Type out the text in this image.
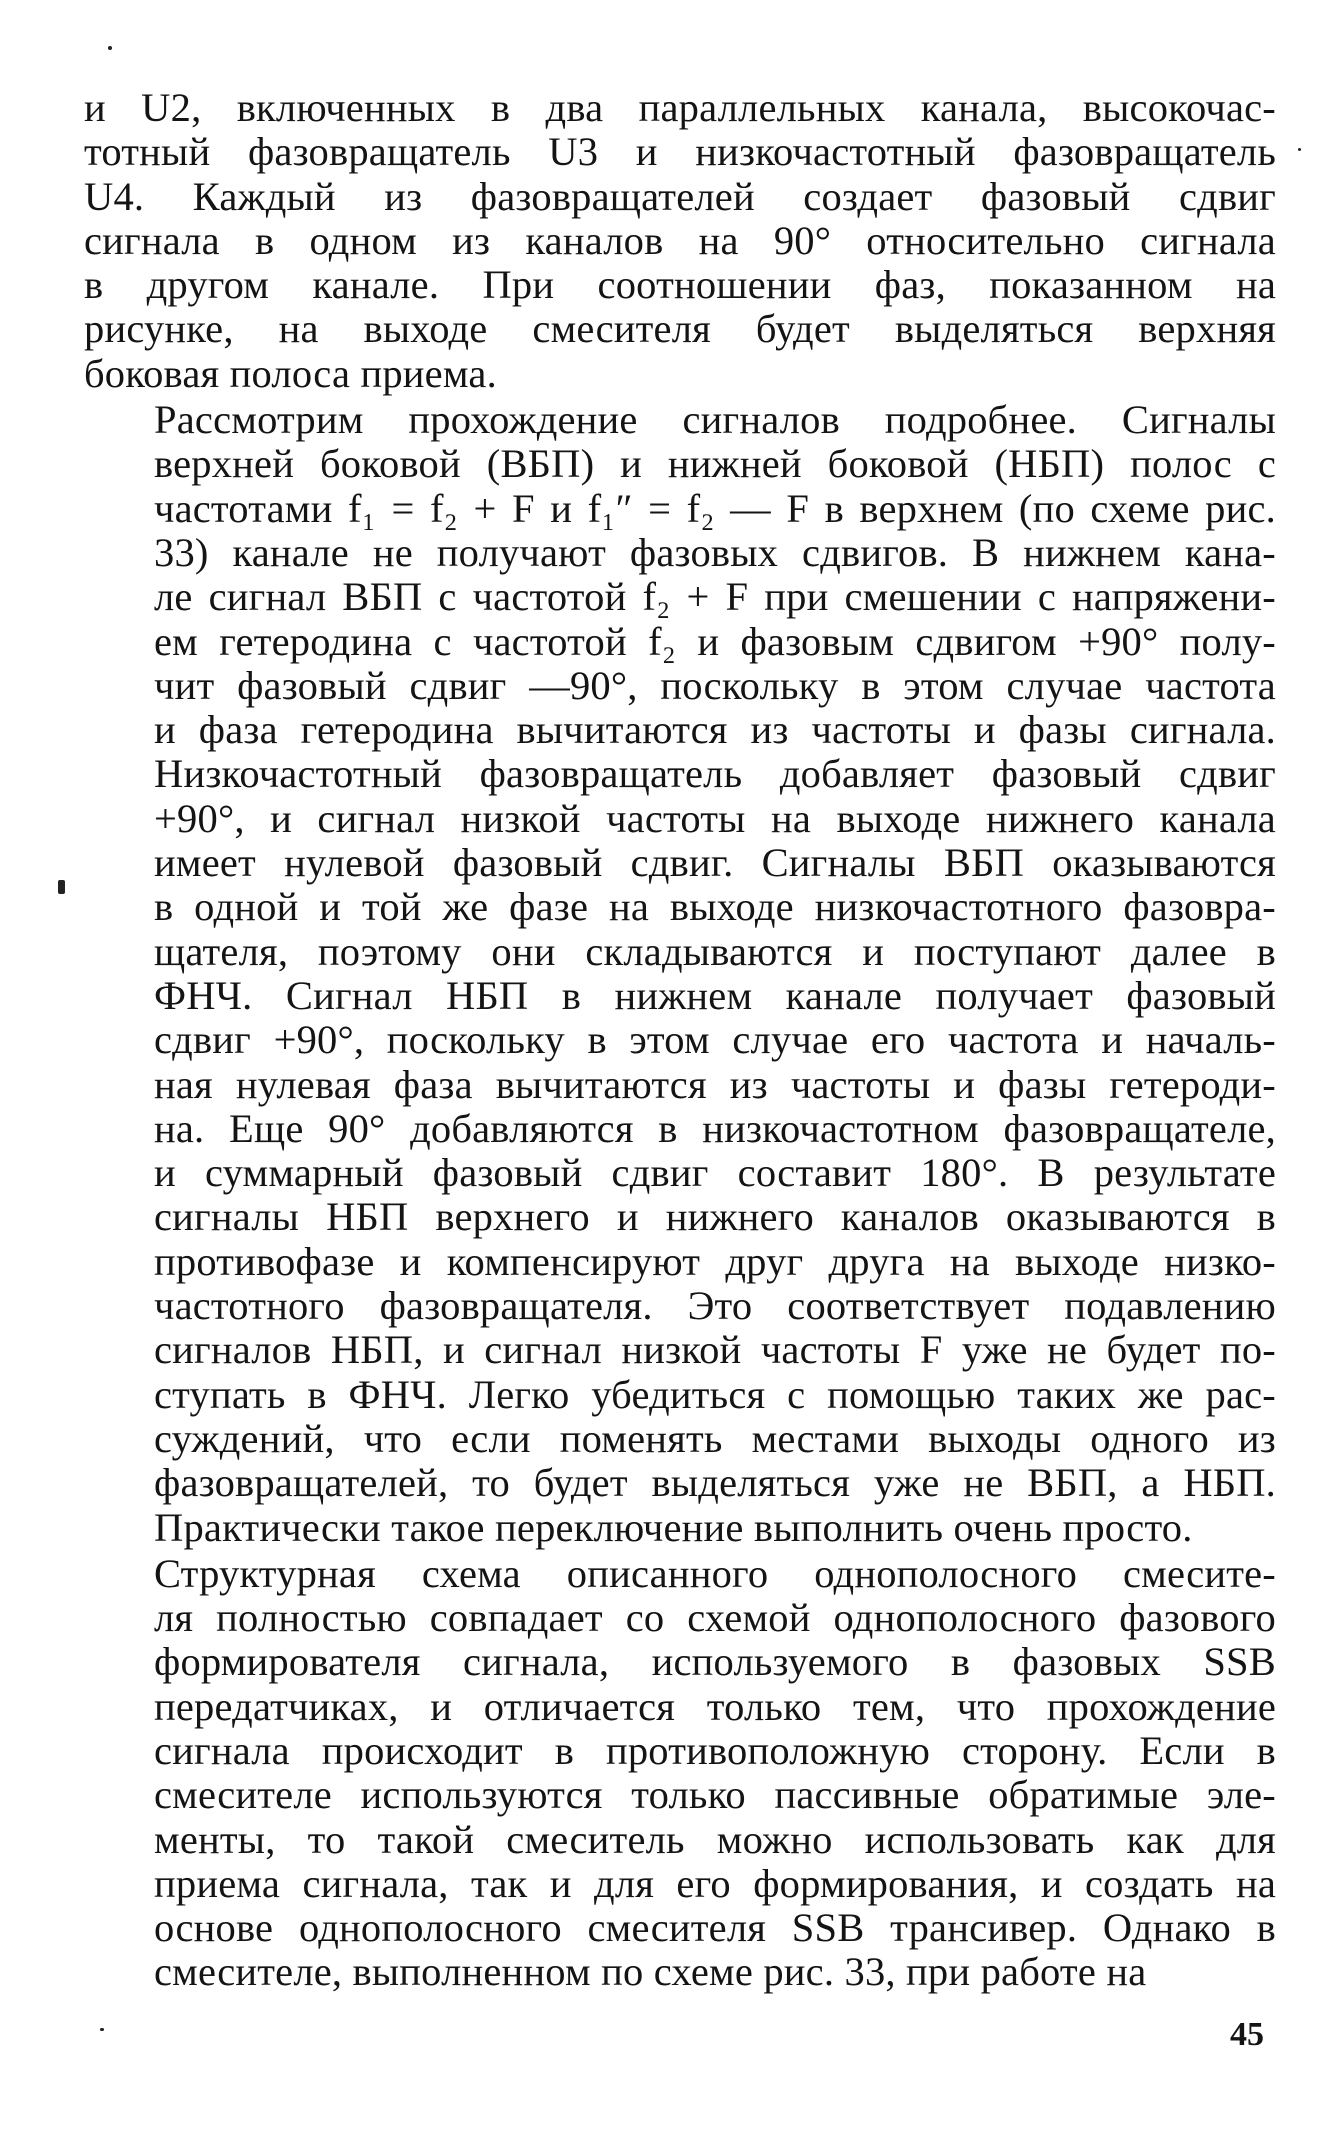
и U2, включенных в два параллельных канала, высокочас-
тотный фазовращатель U3 и низкочастотный фазовращатель
U4. Каждый из фазовращателей создает фазовый сдвиг
сигнала в одном из каналов на 90° относительно сигнала
в другом канале. При соотношении фаз, показанном на
рисунке, на выходе смесителя будет выделяться верхняя
боковая полоса приема.

Рассмотрим прохождение сигналов подробнее. Сигналы
верхней боковой (ВБП) и нижней боковой (НБП) полос с
частотами f₁ = f₂ + F и f₁″ = f₂ — F в верхнем (по схеме рис.
33) канале не получают фазовых сдвигов. В нижнем кана-
ле сигнал ВБП с частотой f₂ + F при смешении с напряжени-
ем гетеродина с частотой f₂ и фазовым сдвигом +90° полу-
чит фазовый сдвиг —90°, поскольку в этом случае частота
и фаза гетеродина вычитаются из частоты и фазы сигнала.
Низкочастотный фазовращатель добавляет фазовый сдвиг
+90°, и сигнал низкой частоты на выходе нижнего канала
имеет нулевой фазовый сдвиг. Сигналы ВБП оказываются
в одной и той же фазе на выходе низкочастотного фазовра-
щателя, поэтому они складываются и поступают далее в
ФНЧ. Сигнал НБП в нижнем канале получает фазовый
сдвиг +90°, поскольку в этом случае его частота и началь-
ная нулевая фаза вычитаются из частоты и фазы гетероди-
на. Еще 90° добавляются в низкочастотном фазовращателе,
и суммарный фазовый сдвиг составит 180°. В результате
сигналы НБП верхнего и нижнего каналов оказываются в
противофазе и компенсируют друг друга на выходе низко-
частотного фазовращателя. Это соответствует подавлению
сигналов НБП, и сигнал низкой частоты F уже не будет по-
ступать в ФНЧ. Легко убедиться с помощью таких же рас-
суждений, что если поменять местами выходы одного из
фазовращателей, то будет выделяться уже не ВБП, а НБП.
Практически такое переключение выполнить очень просто.

Структурная схема описанного однополосного смесите-
ля полностью совпадает со схемой однополосного фазового
формирователя сигнала, используемого в фазовых SSB
передатчиках, и отличается только тем, что прохождение
сигнала происходит в противоположную сторону. Если в
смесителе используются только пассивные обратимые эле-
менты, то такой смеситель можно использовать как для
приема сигнала, так и для его формирования, и создать на
основе однополосного смесителя SSB трансивер. Однако в
смесителе, выполненном по схеме рис. 33, при работе на

45
